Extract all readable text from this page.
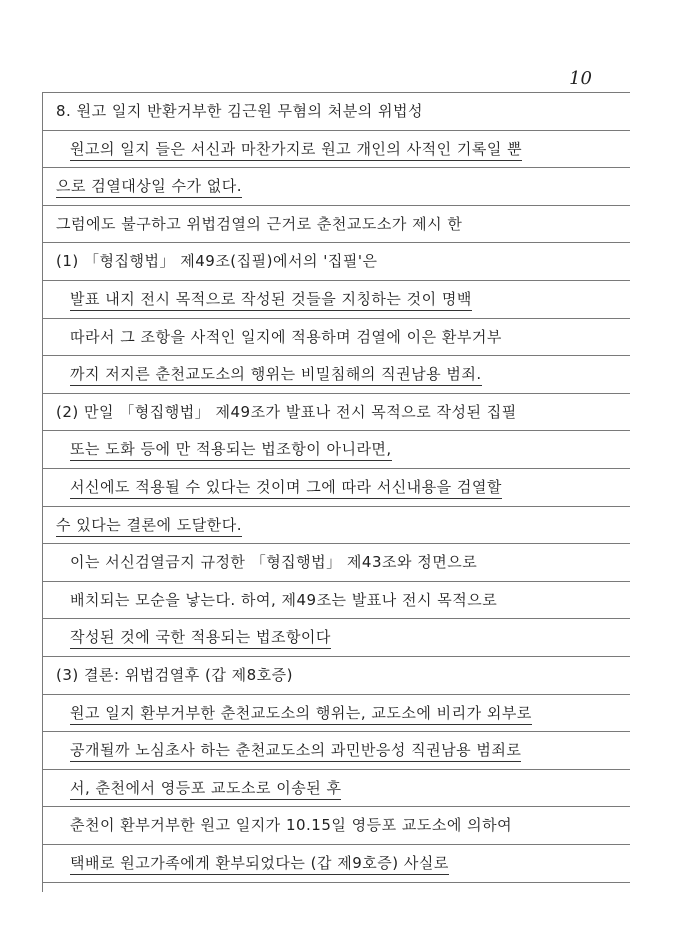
10
8. 원고 일지 반환거부한 김근원 무혐의 처분의 위법성
원고의 일지 들은 서신과 마찬가지로 원고 개인의 사적인 기록일 뿐
으로 검열대상일 수가 없다.
그럼에도 불구하고 위법검열의 근거로 춘천교도소가 제시 한
(1) 「형집행법」 제49조(집필)에서의 '집필'은
발표 내지 전시 목적으로 작성된 것들을 지칭하는 것이 명백
따라서 그 조항을 사적인 일지에 적용하며 검열에 이은 환부거부
까지 저지른 춘천교도소의 행위는 비밀침해의 직권남용 범죄.
(2) 만일 「형집행법」 제49조가 발표나 전시 목적으로 작성된 집필
또는 도화 등에 만 적용되는 법조항이 아니라면,
서신에도 적용될 수 있다는 것이며 그에 따라 서신내용을 검열할
수 있다는 결론에 도달한다.
이는 서신검열금지 규정한 「형집행법」 제43조와 정면으로
배치되는 모순을 낳는다. 하여, 제49조는 발표나 전시 목적으로
작성된 것에 국한 적용되는 법조항이다
(3) 결론: 위법검열후 (갑 제8호증)
원고 일지 환부거부한 춘천교도소의 행위는, 교도소에 비리가 외부로
공개될까 노심초사 하는 춘천교도소의 과민반응성 직권남용 범죄로
서, 춘천에서 영등포 교도소로 이송된 후
춘천이 환부거부한 원고 일지가 10.15일 영등포 교도소에 의하여
택배로 원고가족에게 환부되었다는 (갑 제9호증) 사실로
